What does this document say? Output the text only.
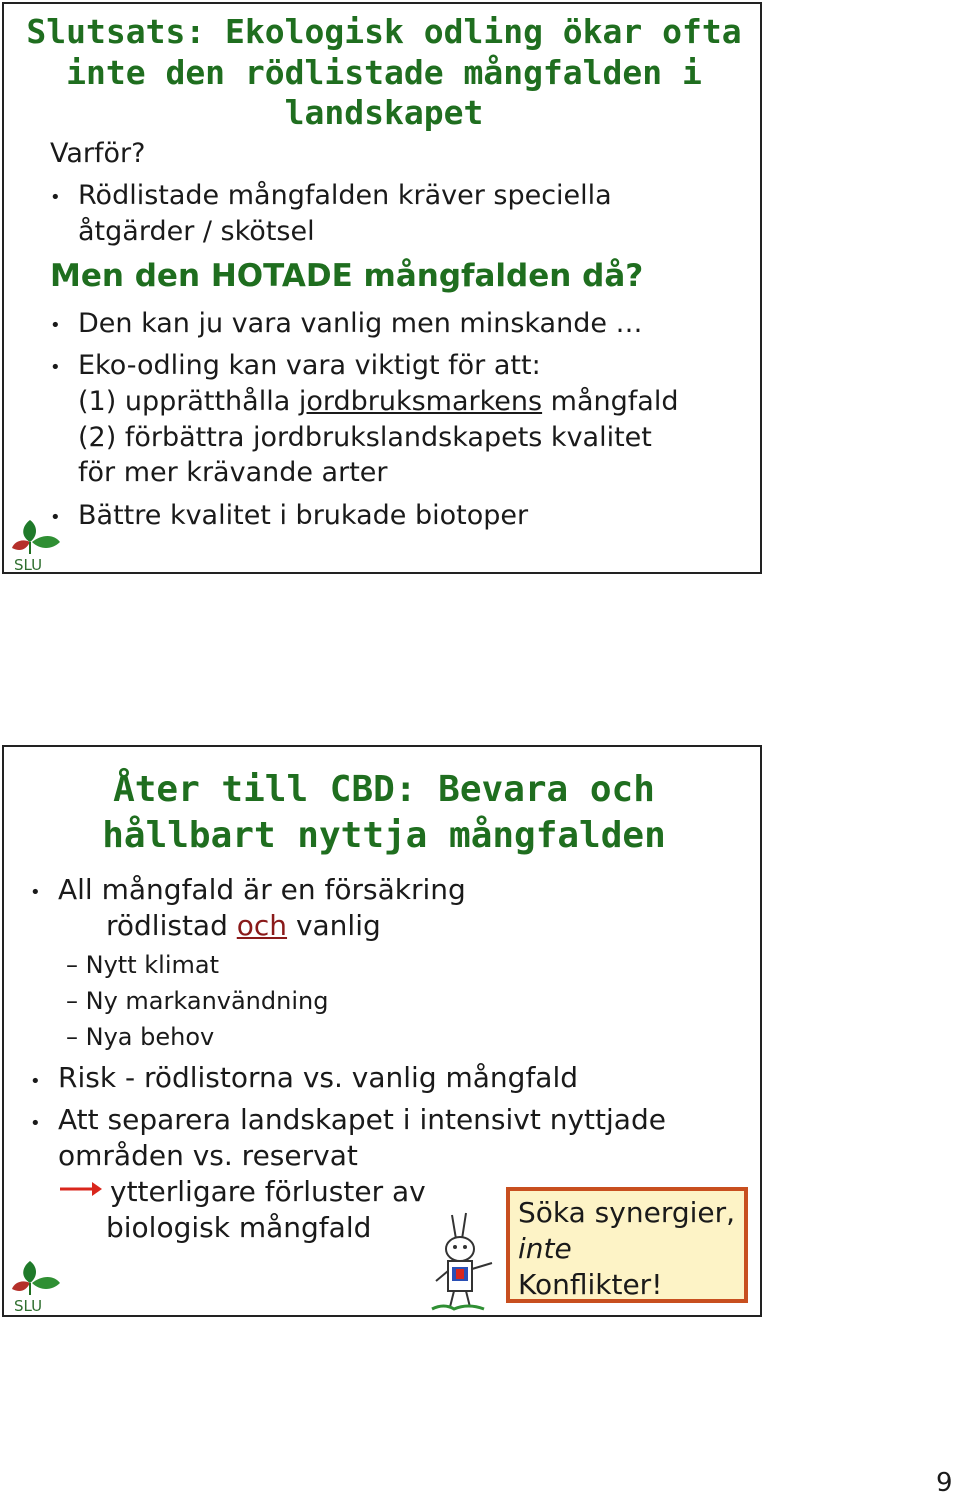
Slutsats: Ekologisk odling ökar ofta
inte den rödlistade mångfalden i
landskapet
Varför?
• Rödlistade mångfalden kräver speciella
åtgärder / skötsel
Men den HOTADE mångfalden då?
• Den kan ju vara vanlig men minskande …
• Eko-odling kan vara viktigt för att:
(1) upprätthålla jordbruksmarkens mångfald
(2) förbättra jordbrukslandskapets kvalitet
för mer krävande arter
• Bättre kvalitet i brukade biotoper
SLU
Åter till CBD: Bevara och
hållbart nyttja mångfalden
• All mångfald är en försäkring
rödlistad och vanlig
– Nytt klimat
– Ny markanvändning
– Nya behov
• Risk - rödlistorna vs. vanlig mångfald
• Att separera landskapet i intensivt nyttjade
områden vs. reservat
ytterligare förluster av
biologisk mångfald	Söka synergier,
inte
Konflikter!
SLU
9
